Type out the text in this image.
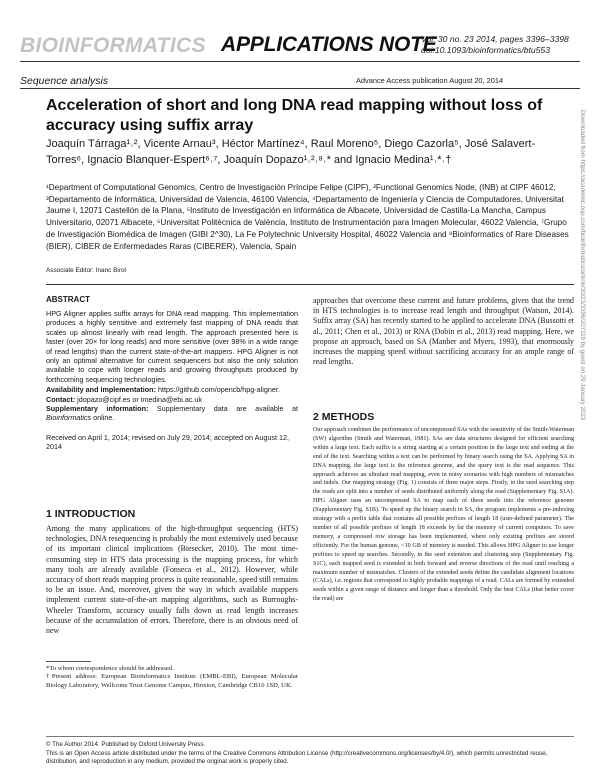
BIOINFORMATICS APPLICATIONS NOTE
Vol. 30 no. 23 2014, pages 3396–3398
doi:10.1093/bioinformatics/btu553
Sequence analysis	Advance Access publication August 20, 2014
Acceleration of short and long DNA read mapping without loss of accuracy using suffix array
Joaquín Tárraga¹˒², Vicente Arnau³, Héctor Martínez⁴, Raul Moreno⁵, Diego Cazorla⁵, José Salavert-Torres⁶, Ignacio Blanquer-Espert⁶˒⁷, Joaquín Dopazo¹˒²˒⁸˒* and Ignacio Medina¹˒*˒†
¹Department of Computational Genomics, Centro de Investigación Príncipe Felipe (CIPF), ²Functional Genomics Node, (INB) at CIPF 46012, ³Departamento de Informática, Universidad de Valencia, 46100 Valencia, ⁴Departamento de Ingeniería y Ciencia de Computadores, Universitat Jaume I, 12071 Castellón de la Plana, ⁵Instituto de Investigación en Informática de Albacete, Universidad de Castilla-La Mancha, Campus Universitario, 02071 Albacete, ⁶Universitat Politècnica de València, Instituto de Instrumentación para Imagen Molecular, 46022 Valencia, ⁷Grupo de Investigación Biomédica de Imagen (GIBI 2^30), La Fe Polytechnic University Hospital, 46022 Valencia and ⁸Bioinformatics of Rare Diseases (BIER), CIBER de Enfermedades Raras (CIBERER), Valencia, Spain
Associate Editor: Inanc Birol
ABSTRACT
HPG Aligner applies suffix arrays for DNA read mapping. This implementation produces a highly sensitive and extremely fast mapping of DNA reads that scales up almost linearly with read length. The approach presented here is faster (over 20× for long reads) and more sensitive (over 98% in a wide range of read lengths) than the current state-of-the-art mappers. HPG Aligner is not only an optimal alternative for current sequencers but also the only solution available to cope with longer reads and growing throughputs produced by forthcoming sequencing technologies.
Availability and implementation: https://github.com/opencb/hpg-aligner.
Contact: jdopazo@cipf.es or imedina@ebi.ac.uk
Supplementary information: Supplementary data are available at Bioinformatics online.
Received on April 1, 2014; revised on July 29, 2014; accepted on August 12, 2014
1 INTRODUCTION
Among the many applications of the high-throughput sequencing (HTS) technologies, DNA resequencing is probably the most extensively used because of its important clinical implications (Biesecker, 2010). The most time-consuming step in HTS data processing is the mapping process, for which many tools are already available (Fonseca et al., 2012). However, while accuracy of short reads mapping process is quite reasonable, speed still remains to be an issue. And, moreover, given the way in which available mappers implement current state-of-the-art mapping algorithms, such as Burroughs-Wheeler Transform, accuracy usually falls down as read length increases because of the accumulation of errors. Therefore, there is an obvious need of new
*To whom correspondence should be addressed.
†Present address: European Bioinformatics Institute (EMBL-EBI), European Molecular Biology Laboratory, Wellcome Trust Genome Campus, Hinxton, Cambridge CB10 1SD, UK.
approaches that overcome these current and future problems, given that the trend in HTS technologies is to increase read length and throughput (Watson, 2014). Suffix array (SA) has recently started to be applied to accelerate DNA (Bussotti et al., 2011; Chen et al., 2013) or RNA (Dobin et al., 2013) read mapping. Here, we propose an approach, based on SA (Manber and Myers, 1993), that enormously increases the mapping speed without sacrificing accuracy for an ample range of read lengths.
2 METHODS
Our approach combines the performance of uncompressed SAs with the sensitivity of the Smith-Waterman (SW) algorithm (Smith and Waterman, 1981). SAs are data structures designed for efficient searching within a large text. Each suffix is a string starting at a certain position in the large text and ending at the end of the text. Searching within a text can be performed by binary search using the SA. Applying SA in DNA mapping, the large text is the reference genome, and the query text is the read sequence. This approach achieves an ultrafast read mapping, even in noisy scenarios with high numbers of mismatches and indels. Our mapping strategy (Fig. 1) consists of three major steps. Firstly, in the seed searching step the reads are split into a number of seeds distributed uniformly along the read (Supplementary Fig. S1A). HPG Aligner uses an uncompressed SA to map each of these seeds into the reference genome (Supplementary Fig. S1B). To speed up the binary search in SA, the program implements a pre-indexing strategy with a prefix table that contains all possible prefixes of length 18 (user-defined parameter). The number of all possible prefixes of length 18 exceeds by far the memory of current computers. To save memory, a compressed row storage has been implemented, where only existing prefixes are stored efficiently. For the human genome, <10 GB of memory is needed. This allows HPG Aligner to use longer prefixes to speed up searches. Secondly, in the seed extension and clustering step (Supplementary Fig. S1C), each mapped seed is extended in both forward and reverse directions of the read until reaching a maximum number of mismatches. Clusters of the extended seeds define the candidate alignment locations (CALs), i.e. regions that correspond to highly probable mappings of a read. CALs are formed by extended seeds within a given range of distance and longer than a threshold. Only the best CALs (that better cover the read) are
Downloaded from https://academic.oup.com/bioinformatics/article/30/23/3396/207119 by guest on 29 January 2023
© The Author 2014. Published by Oxford University Press.
This is an Open Access article distributed under the terms of the Creative Commons Attribution License (http://creativecommons.org/licenses/by/4.0/), which permits unrestricted reuse, distribution, and reproduction in any medium, provided the original work is properly cited.
